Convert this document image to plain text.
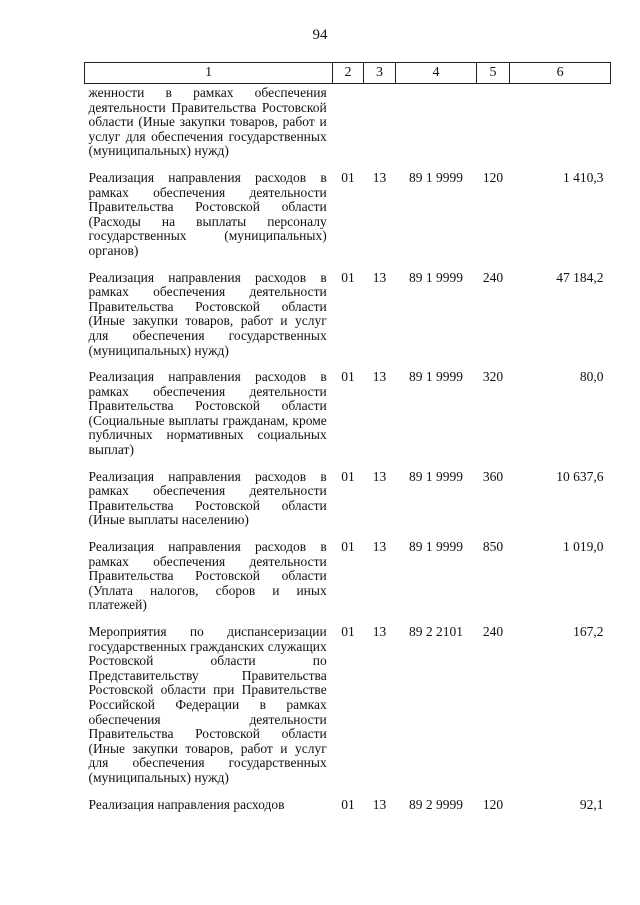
94
1	2	3	4	5	6
женности в рамках обеспечения деятельности Правительства Ростовской области (Иные закупки товаров, работ и услуг для обеспечения государственных (муниципальных) нужд)					
Реализация направления расходов в рамках обеспечения деятельности Правительства Ростовской области (Расходы на выплаты персоналу государственных (муниципальных) органов)	01	13	89 1 9999	120	1 410,3
Реализация направления расходов в рамках обеспечения деятельности Правительства Ростовской области (Иные закупки товаров, работ и услуг для обеспечения государственных (муниципальных) нужд)	01	13	89 1 9999	240	47 184,2
Реализация направления расходов в рамках обеспечения деятельности Правительства Ростовской области (Социальные выплаты гражданам, кроме публичных нормативных социальных выплат)	01	13	89 1 9999	320	80,0
Реализация направления расходов в рамках обеспечения деятельности Правительства Ростовской области (Иные выплаты населению)	01	13	89 1 9999	360	10 637,6
Реализация направления расходов в рамках обеспечения деятельности Правительства Ростовской области (Уплата налогов, сборов и иных платежей)	01	13	89 1 9999	850	1 019,0
Мероприятия по диспансеризации государственных гражданских служащих Ростовской области по Представительству Правительства Ростовской области при Правительстве Российской Федерации в рамках обеспечения деятельности Правительства Ростовской области (Иные закупки товаров, работ и услуг для обеспечения государственных (муниципальных) нужд)	01	13	89 2 2101	240	167,2
Реализация направления расходов	01	13	89 2 9999	120	92,1
